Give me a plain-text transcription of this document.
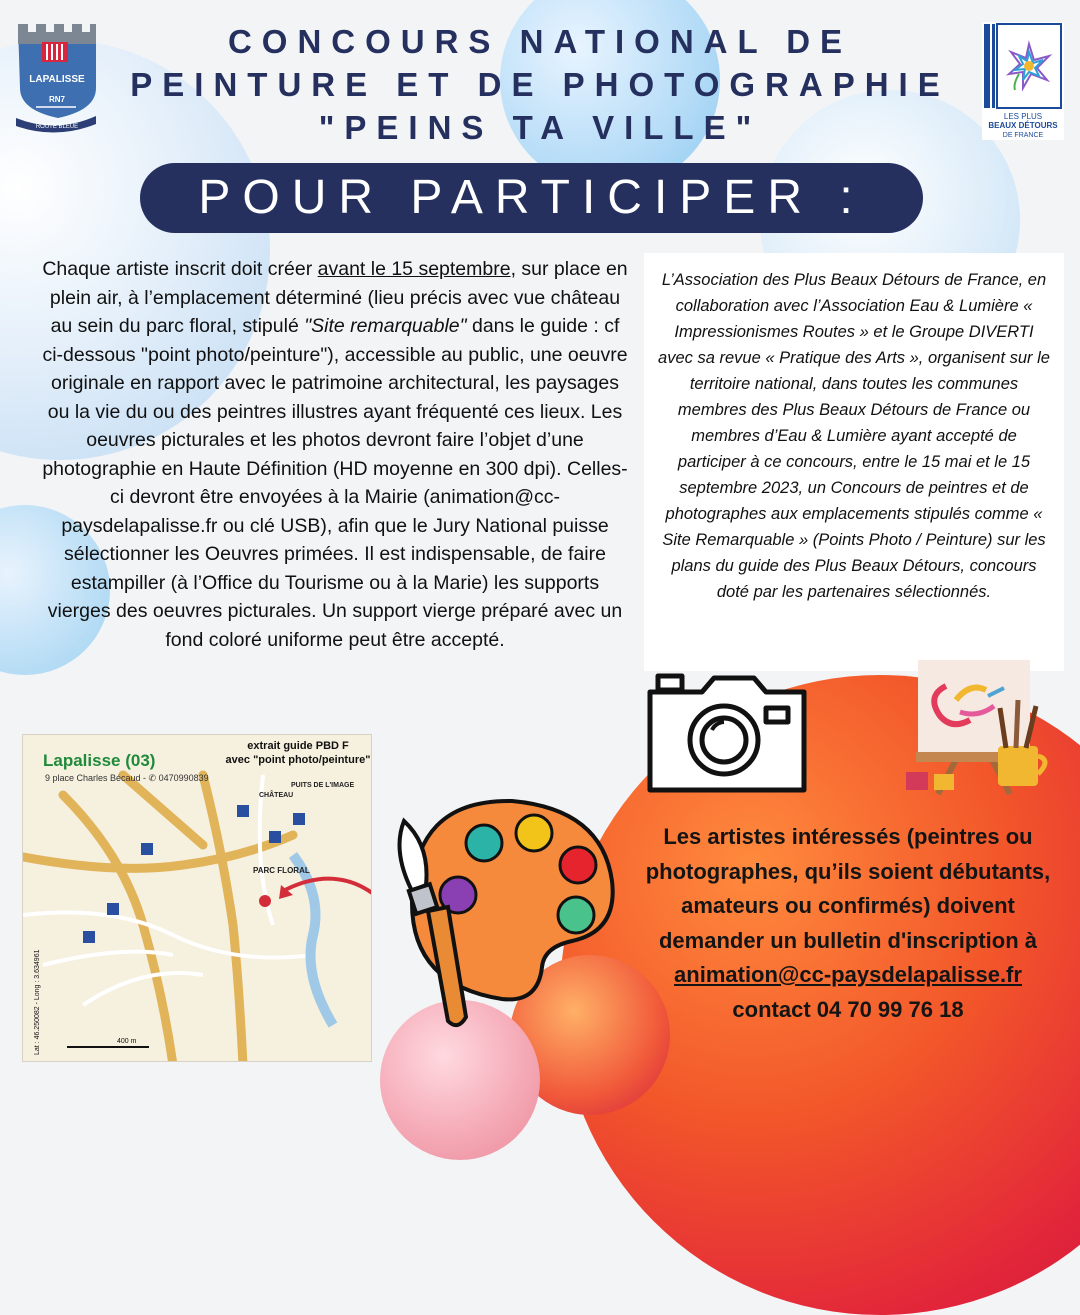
LAPALISSE
RN7
ROUTE BLEUE
CONCOURS NATIONAL DE
PEINTURE ET DE PHOTOGRAPHIE
"PEINS TA VILLE"	LES PLUS
BEAUX DÉTOURS
DE FRANCE
POUR PARTICIPER :
Chaque artiste inscrit doit créer avant le 15 septembre, sur place en plein air, à l’emplacement déterminé (lieu précis avec vue château au sein du parc floral, stipulé "Site remarquable" dans le guide : cf ci-dessous "point photo/peinture"), accessible au public, une oeuvre originale en rapport avec le patrimoine architectural, les paysages ou la vie du ou des peintres illustres ayant fréquenté ces lieux. Les oeuvres picturales et les photos devront faire l’objet d’une photographie en Haute Définition (HD moyenne en 300 dpi). Celles-ci devront être envoyées à la Mairie (animation@cc-paysdelapalisse.fr ou clé USB), afin que le Jury National puisse sélectionner les Oeuvres primées. Il est indispensable, de faire estampiller (à l’Office du Tourisme ou à la Marie) les supports vierges des oeuvres picturales. Un support vierge préparé avec un fond coloré uniforme peut être accepté.
L’Association des Plus Beaux Détours de France, en collaboration avec l’Association Eau & Lumière « Impressionismes Routes » et le Groupe DIVERTI avec sa revue « Pratique des Arts », organisent sur le territoire national, dans toutes les communes membres des Plus Beaux Détours de France ou membres d’Eau & Lumière ayant accepté de participer à ce concours, entre le 15 mai et le 15 septembre 2023, un Concours de peintres et de photographes aux emplacements stipulés comme « Site Remarquable » (Points Photo / Peinture) sur les plans du guide des Plus Beaux Détours, concours doté par les partenaires sélectionnés.
PARC FLORAL
CHÂTEAU
PUITS DE L'IMAGE
400 m
Lat : 46.250082 - Long : 3.634961
Lapalisse (03)
9 place Charles Bécaud - ✆ 0470990839
extrait guide PBD F
avec "point photo/peinture"
Les artistes intéressés (peintres ou photographes, qu’ils soient débutants, amateurs ou confirmés) doivent demander un bulletin d'inscription à
animation@cc-paysdelapalisse.fr
contact 04 70 99 76 18
